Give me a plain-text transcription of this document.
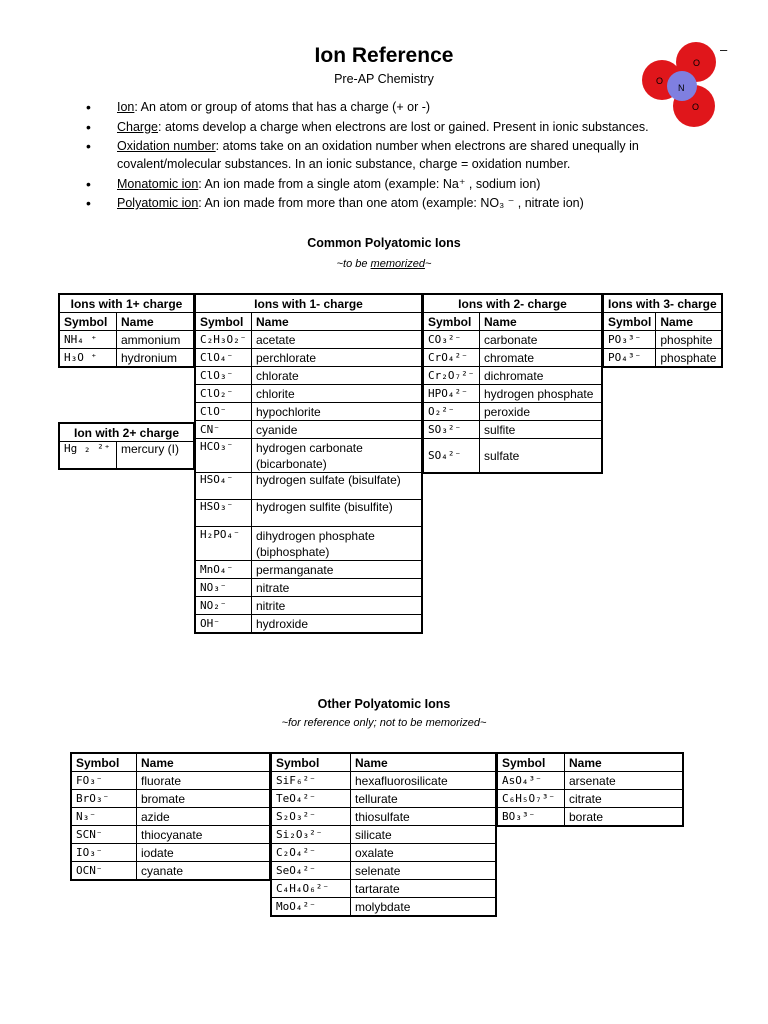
Ion Reference
Pre-AP Chemistry
O
O
O
N
–
• Ion: An atom or group of atoms that has a charge (+ or -)
• Charge: atoms develop a charge when electrons are lost or gained. Present in ionic substances.
• Oxidation number: atoms take on an oxidation number when electrons are shared unequally in covalent/molecular substances. In an ionic substance, charge = oxidation number.
• Monatomic ion: An ion made from a single atom (example: Na⁺ , sodium ion)
• Polyatomic ion: An ion made from more than one atom (example: NO₃ ⁻ , nitrate ion)
Common Polyatomic Ions
~to be memorized~
Ions with 1+ charge	
Symbol	Name
NH₄ ⁺	ammonium
H₃O ⁺	hydronium
Ion with 2+ charge
Hg ₂ ²⁺	mercury (I)
Ions with 1- charge	
Symbol	Name
C₂H₃O₂⁻	acetate
ClO₄⁻	perchlorate
ClO₃⁻	chlorate
ClO₂⁻	chlorite
ClO⁻	hypochlorite
CN⁻	cyanide
HCO₃⁻	hydrogen carbonate (bicarbonate)
HSO₄⁻	hydrogen sulfate (bisulfate)
HSO₃⁻	hydrogen sulfite (bisulfite)
H₂PO₄⁻	dihydrogen phosphate (biphosphate)
MnO₄⁻	permanganate
NO₃⁻	nitrate
NO₂⁻	nitrite
OH⁻	hydroxide
Ions with 2- charge	
Symbol	Name
CO₃²⁻	carbonate
CrO₄²⁻	chromate
Cr₂O₇²⁻	dichromate
HPO₄²⁻	hydrogen phosphate
O₂²⁻	peroxide
SO₃²⁻	sulfite
SO₄²⁻	sulfate
Ions with 3- charge	
Symbol	Name
PO₃³⁻	phosphite
PO₄³⁻	phosphate
Other Polyatomic Ions
~for reference only; not to be memorized~
Symbol	Name
FO₃⁻	fluorate
BrO₃⁻	bromate
N₃⁻	azide
SCN⁻	thiocyanate
IO₃⁻	iodate
OCN⁻	cyanate
Symbol	Name
SiF₆²⁻	hexafluorosilicate
TeO₄²⁻	tellurate
S₂O₃²⁻	thiosulfate
Si₂O₃²⁻	silicate
C₂O₄²⁻	oxalate
SeO₄²⁻	selenate
C₄H₄O₆²⁻	tartarate
MoO₄²⁻	molybdate
Symbol	Name
AsO₄³⁻	arsenate
C₆H₅O₇³⁻	citrate
BO₃³⁻	borate
